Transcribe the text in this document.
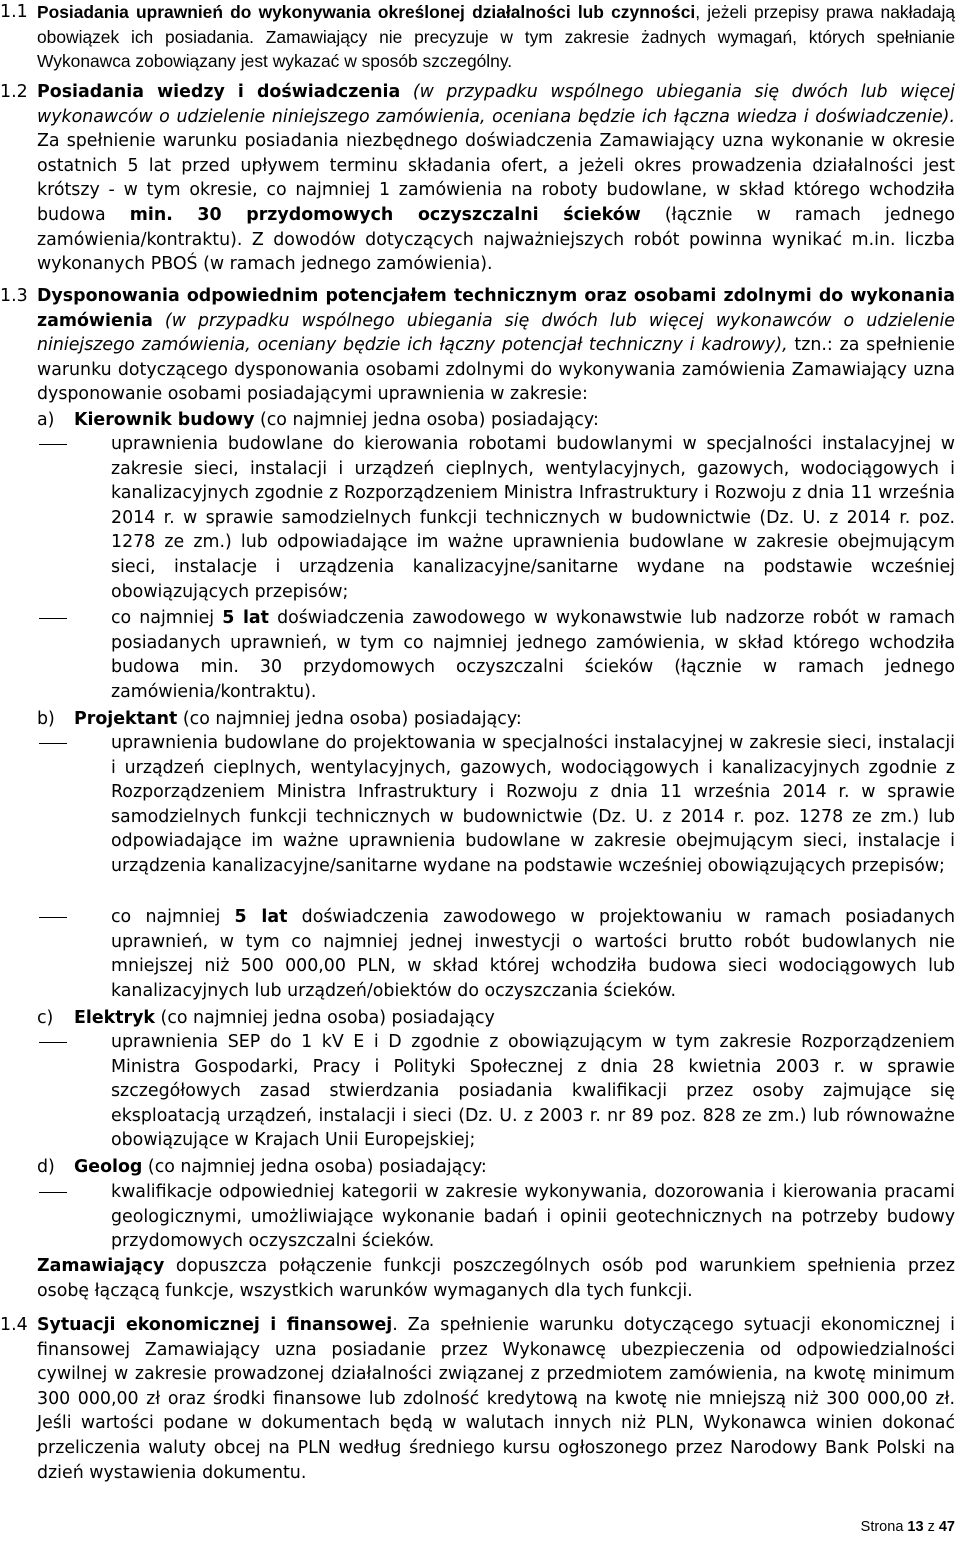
1.1 Posiadania uprawnień do wykonywania określonej działalności lub czynności, jeżeli przepisy prawa nakładają obowiązek ich posiadania. Zamawiający nie precyzuje w tym zakresie żadnych wymagań, których spełnianie Wykonawca zobowiązany jest wykazać w sposób szczególny.
1.2 Posiadania wiedzy i doświadczenia (w przypadku wspólnego ubiegania się dwóch lub więcej wykonawców o udzielenie niniejszego zamówienia, oceniana będzie ich łączna wiedza i doświadczenie). Za spełnienie warunku posiadania niezbędnego doświadczenia Zamawiający uzna wykonanie w okresie ostatnich 5 lat przed upływem terminu składania ofert, a jeżeli okres prowadzenia działalności jest krótszy - w tym okresie, co najmniej 1 zamówienia na roboty budowlane, w skład którego wchodziła budowa min. 30 przydomowych oczyszczalni ścieków (łącznie w ramach jednego zamówienia/kontraktu). Z dowodów dotyczących najważniejszych robót powinna wynikać m.in. liczba wykonanych PBOŚ (w ramach jednego zamówienia).
1.3 Dysponowania odpowiednim potencjałem technicznym oraz osobami zdolnymi do wykonania zamówienia (w przypadku wspólnego ubiegania się dwóch lub więcej wykonawców o udzielenie niniejszego zamówienia, oceniany będzie ich łączny potencjał techniczny i kadrowy), tzn.: za spełnienie warunku dotyczącego dysponowania osobami zdolnymi do wykonywania zamówienia Zamawiający uzna dysponowanie osobami posiadającymi uprawnienia w zakresie:
a) Kierownik budowy (co najmniej jedna osoba) posiadający:
uprawnienia budowlane do kierowania robotami budowlanymi w specjalności instalacyjnej w zakresie sieci, instalacji i urządzeń cieplnych, wentylacyjnych, gazowych, wodociągowych i kanalizacyjnych zgodnie z Rozporządzeniem Ministra Infrastruktury i Rozwoju z dnia 11 września 2014 r. w sprawie samodzielnych funkcji technicznych w budownictwie (Dz. U. z 2014 r. poz. 1278 ze zm.) lub odpowiadające im ważne uprawnienia budowlane w zakresie obejmującym sieci, instalacje i urządzenia kanalizacyjne/sanitarne wydane na podstawie wcześniej obowiązujących przepisów;
co najmniej 5 lat doświadczenia zawodowego w wykonawstwie lub nadzorze robót w ramach posiadanych uprawnień, w tym co najmniej jednego zamówienia, w skład którego wchodziła budowa min. 30 przydomowych oczyszczalni ścieków (łącznie w ramach jednego zamówienia/kontraktu).
b) Projektant (co najmniej jedna osoba) posiadający:
uprawnienia budowlane do projektowania w specjalności instalacyjnej w zakresie sieci, instalacji i urządzeń cieplnych, wentylacyjnych, gazowych, wodociągowych i kanalizacyjnych zgodnie z Rozporządzeniem Ministra Infrastruktury i Rozwoju z dnia 11 września 2014 r. w sprawie samodzielnych funkcji technicznych w budownictwie (Dz. U. z 2014 r. poz. 1278 ze zm.) lub odpowiadające im ważne uprawnienia budowlane w zakresie obejmującym sieci, instalacje i urządzenia kanalizacyjne/sanitarne wydane na podstawie wcześniej obowiązujących przepisów;
co najmniej 5 lat doświadczenia zawodowego w projektowaniu w ramach posiadanych uprawnień, w tym co najmniej jednej inwestycji o wartości brutto robót budowlanych nie mniejszej niż 500 000,00 PLN, w skład której wchodziła budowa sieci wodociągowych lub kanalizacyjnych lub urządzeń/obiektów do oczyszczania ścieków.
c) Elektryk (co najmniej jedna osoba) posiadający
uprawnienia SEP do 1 kV E i D zgodnie z obowiązującym w tym zakresie Rozporządzeniem Ministra Gospodarki, Pracy i Polityki Społecznej z dnia 28 kwietnia 2003 r. w sprawie szczegółowych zasad stwierdzania posiadania kwalifikacji przez osoby zajmujące się eksploatacją urządzeń, instalacji i sieci (Dz. U. z 2003 r. nr 89 poz. 828 ze zm.) lub równoważne obowiązujące w Krajach Unii Europejskiej;
d) Geolog (co najmniej jedna osoba) posiadający:
kwalifikacje odpowiedniej kategorii w zakresie wykonywania, dozorowania i kierowania pracami geologicznymi, umożliwiające wykonanie badań i opinii geotechnicznych na potrzeby budowy przydomowych oczyszczalni ścieków.
Zamawiający dopuszcza połączenie funkcji poszczególnych osób pod warunkiem spełnienia przez osobę łączącą funkcje, wszystkich warunków wymaganych dla tych funkcji.
1.4 Sytuacji ekonomicznej i finansowej. Za spełnienie warunku dotyczącego sytuacji ekonomicznej i finansowej Zamawiający uzna posiadanie przez Wykonawcę ubezpieczenia od odpowiedzialności cywilnej w zakresie prowadzonej działalności związanej z przedmiotem zamówienia, na kwotę minimum 300 000,00 zł oraz środki finansowe lub zdolność kredytową na kwotę nie mniejszą niż 300 000,00 zł. Jeśli wartości podane w dokumentach będą w walutach innych niż PLN, Wykonawca winien dokonać przeliczenia waluty obcej na PLN według średniego kursu ogłoszonego przez Narodowy Bank Polski na dzień wystawienia dokumentu.
Strona 13 z 47
